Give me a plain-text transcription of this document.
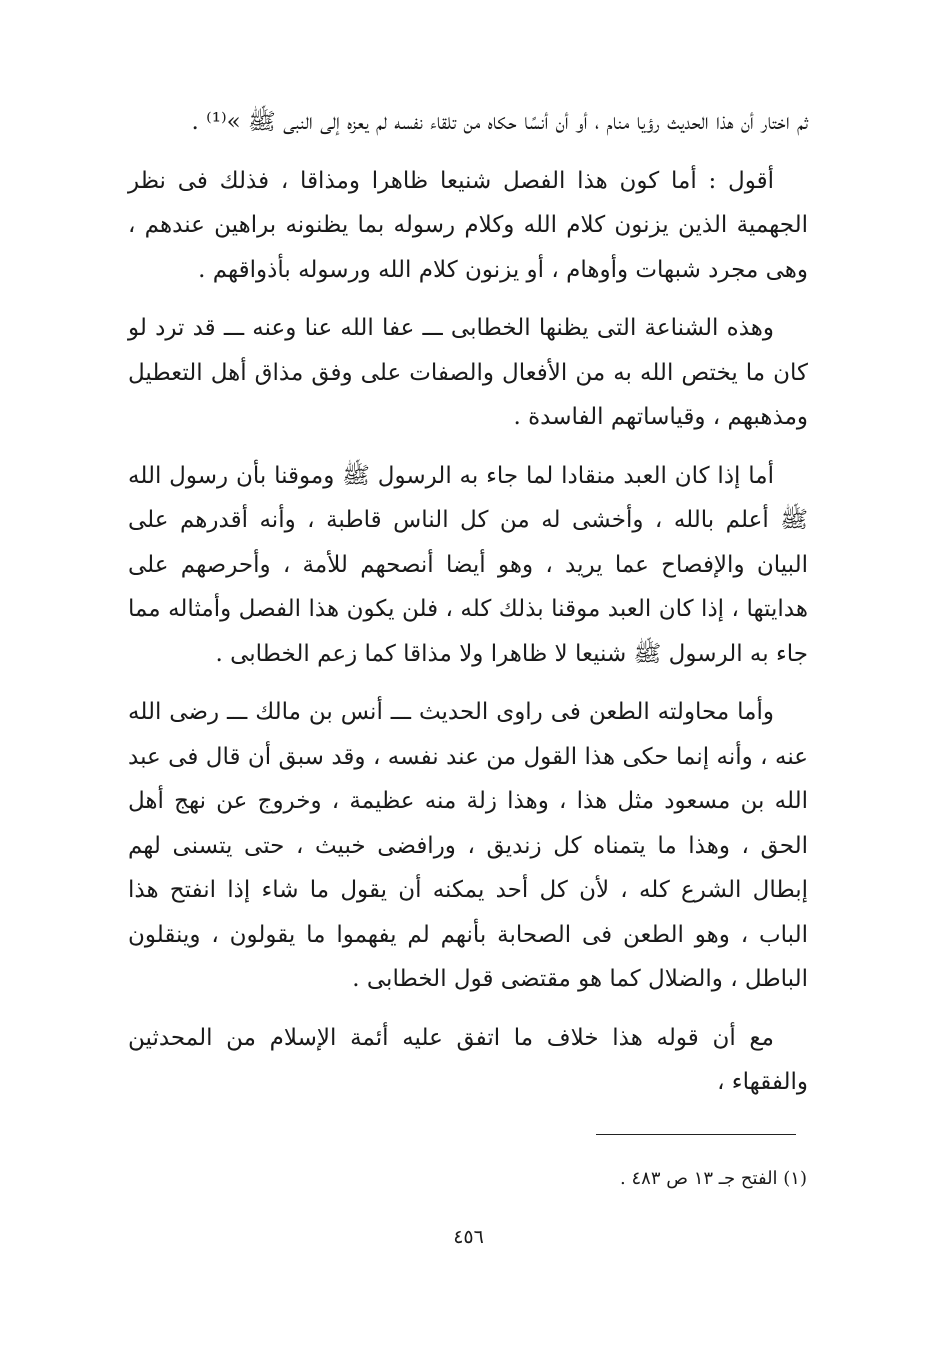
ثم اختار أن هذا الحديث رؤيا منام ، أو أن أنسًا حكاه من تلقاء نفسه لم يعزه إلى النبى ﷺ »⁽¹⁾ .

أقول : أما كون هذا الفصل شنيعا ظاهرا ومذاقا ، فذلك فى نظر الجهمية الذين يزنون كلام الله وكلام رسوله بما يظنونه براهين عندهم ، وهى مجرد شبهات وأوهام ، أو يزنون كلام الله ورسوله بأذواقهم .

وهذه الشناعة التى يظنها الخطابى ـــ عفا الله عنا وعنه ـــ قد ترد لو كان ما يختص الله به من الأفعال والصفات على وفق مذاق أهل التعطيل ومذهبهم ، وقياساتهم الفاسدة .

أما إذا كان العبد منقادا لما جاء به الرسول ﷺ وموقنا بأن رسول الله ﷺ أعلم بالله ، وأخشى له من كل الناس قاطبة ، وأنه أقدرهم على البيان والإفصاح عما يريد ، وهو أيضا أنصحهم للأمة ، وأحرصهم على هدايتها ، إذا كان العبد موقنا بذلك كله ، فلن يكون هذا الفصل وأمثاله مما جاء به الرسول ﷺ شنيعا لا ظاهرا ولا مذاقا كما زعم الخطابى .

وأما محاولته الطعن فى راوى الحديث ـــ أنس بن مالك ـــ رضى الله عنه ، وأنه إنما حكى هذا القول من عند نفسه ، وقد سبق أن قال فى عبد الله بن مسعود مثل هذا ، وهذا زلة منه عظيمة ، وخروج عن نهج أهل الحق ، وهذا ما يتمناه كل زنديق ، ورافضى خبيث ، حتى يتسنى لهم إبطال الشرع كله ، لأن كل أحد يمكنه أن يقول ما شاء إذا انفتح هذا الباب ، وهو الطعن فى الصحابة بأنهم لم يفهموا ما يقولون ، وينقلون الباطل ، والضلال كما هو مقتضى قول الخطابى .

مع أن قوله هذا خلاف ما اتفق عليه أئمة الإسلام من المحدثين والفقهاء ،

(١) الفتح جـ ١٣ ص ٤٨٣ .
٤٥٦
